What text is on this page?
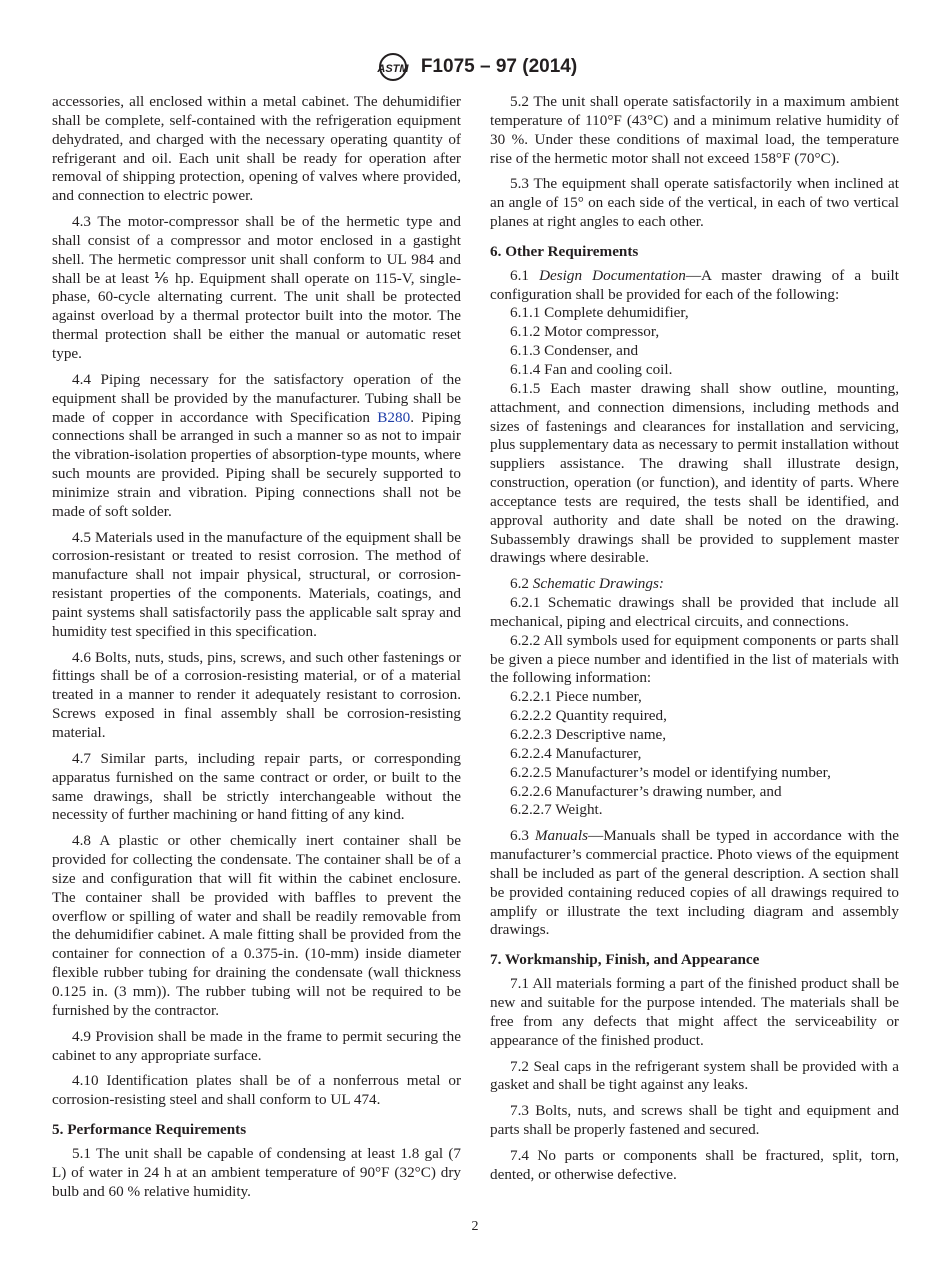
ASTM F1075 – 97 (2014)
accessories, all enclosed within a metal cabinet. The dehumidifier shall be complete, self-contained with the refrigeration equipment dehydrated, and charged with the necessary operating quantity of refrigerant and oil. Each unit shall be ready for operation after removal of shipping protection, opening of valves where provided, and connection to electric power.
4.3 The motor-compressor shall be of the hermetic type and shall consist of a compressor and motor enclosed in a gastight shell. The hermetic compressor unit shall conform to UL 984 and shall be at least ⅙ hp. Equipment shall operate on 115-V, single-phase, 60-cycle alternating current. The unit shall be protected against overload by a thermal protector built into the motor. The thermal protection shall be either the manual or automatic reset type.
4.4 Piping necessary for the satisfactory operation of the equipment shall be provided by the manufacturer. Tubing shall be made of copper in accordance with Specification B280. Piping connections shall be arranged in such a manner so as not to impair the vibration-isolation properties of absorption-type mounts, where such mounts are provided. Piping shall be securely supported to minimize strain and vibration. Piping connections shall not be made of soft solder.
4.5 Materials used in the manufacture of the equipment shall be corrosion-resistant or treated to resist corrosion. The method of manufacture shall not impair physical, structural, or corrosion-resistant properties of the components. Materials, coatings, and paint systems shall satisfactorily pass the applicable salt spray and humidity test specified in this specification.
4.6 Bolts, nuts, studs, pins, screws, and such other fastenings or fittings shall be of a corrosion-resisting material, or of a material treated in a manner to render it adequately resistant to corrosion. Screws exposed in final assembly shall be corrosion-resisting material.
4.7 Similar parts, including repair parts, or corresponding apparatus furnished on the same contract or order, or built to the same drawings, shall be strictly interchangeable without the necessity of further machining or hand fitting of any kind.
4.8 A plastic or other chemically inert container shall be provided for collecting the condensate. The container shall be of a size and configuration that will fit within the cabinet enclosure. The container shall be provided with baffles to prevent the overflow or spilling of water and shall be readily removable from the dehumidifier cabinet. A male fitting shall be provided from the container for connection of a 0.375-in. (10-mm) inside diameter flexible rubber tubing for draining the condensate (wall thickness 0.125 in. (3 mm)). The rubber tubing will not be required to be furnished by the contractor.
4.9 Provision shall be made in the frame to permit securing the cabinet to any appropriate surface.
4.10 Identification plates shall be of a nonferrous metal or corrosion-resisting steel and shall conform to UL 474.
5. Performance Requirements
5.1 The unit shall be capable of condensing at least 1.8 gal (7 L) of water in 24 h at an ambient temperature of 90°F (32°C) dry bulb and 60 % relative humidity.
5.2 The unit shall operate satisfactorily in a maximum ambient temperature of 110°F (43°C) and a minimum relative humidity of 30 %. Under these conditions of maximal load, the temperature rise of the hermetic motor shall not exceed 158°F (70°C).
5.3 The equipment shall operate satisfactorily when inclined at an angle of 15° on each side of the vertical, in each of two vertical planes at right angles to each other.
6. Other Requirements
6.1 Design Documentation—A master drawing of a built configuration shall be provided for each of the following:
6.1.1 Complete dehumidifier,
6.1.2 Motor compressor,
6.1.3 Condenser, and
6.1.4 Fan and cooling coil.
6.1.5 Each master drawing shall show outline, mounting, attachment, and connection dimensions, including methods and sizes of fastenings and clearances for installation and servicing, plus supplementary data as necessary to permit installation without suppliers assistance. The drawing shall illustrate design, construction, operation (or function), and identity of parts. Where acceptance tests are required, the tests shall be identified, and approval authority and date shall be noted on the drawing. Subassembly drawings shall be provided to supplement master drawings where desirable.
6.2 Schematic Drawings:
6.2.1 Schematic drawings shall be provided that include all mechanical, piping and electrical circuits, and connections.
6.2.2 All symbols used for equipment components or parts shall be given a piece number and identified in the list of materials with the following information:
6.2.2.1 Piece number,
6.2.2.2 Quantity required,
6.2.2.3 Descriptive name,
6.2.2.4 Manufacturer,
6.2.2.5 Manufacturer’s model or identifying number,
6.2.2.6 Manufacturer’s drawing number, and
6.2.2.7 Weight.
6.3 Manuals—Manuals shall be typed in accordance with the manufacturer’s commercial practice. Photo views of the equipment shall be included as part of the general description. A section shall be provided containing reduced copies of all drawings required to amplify or illustrate the text including diagram and assembly drawings.
7. Workmanship, Finish, and Appearance
7.1 All materials forming a part of the finished product shall be new and suitable for the purpose intended. The materials shall be free from any defects that might affect the serviceability or appearance of the finished product.
7.2 Seal caps in the refrigerant system shall be provided with a gasket and shall be tight against any leaks.
7.3 Bolts, nuts, and screws shall be tight and equipment and parts shall be properly fastened and secured.
7.4 No parts or components shall be fractured, split, torn, dented, or otherwise defective.
2
